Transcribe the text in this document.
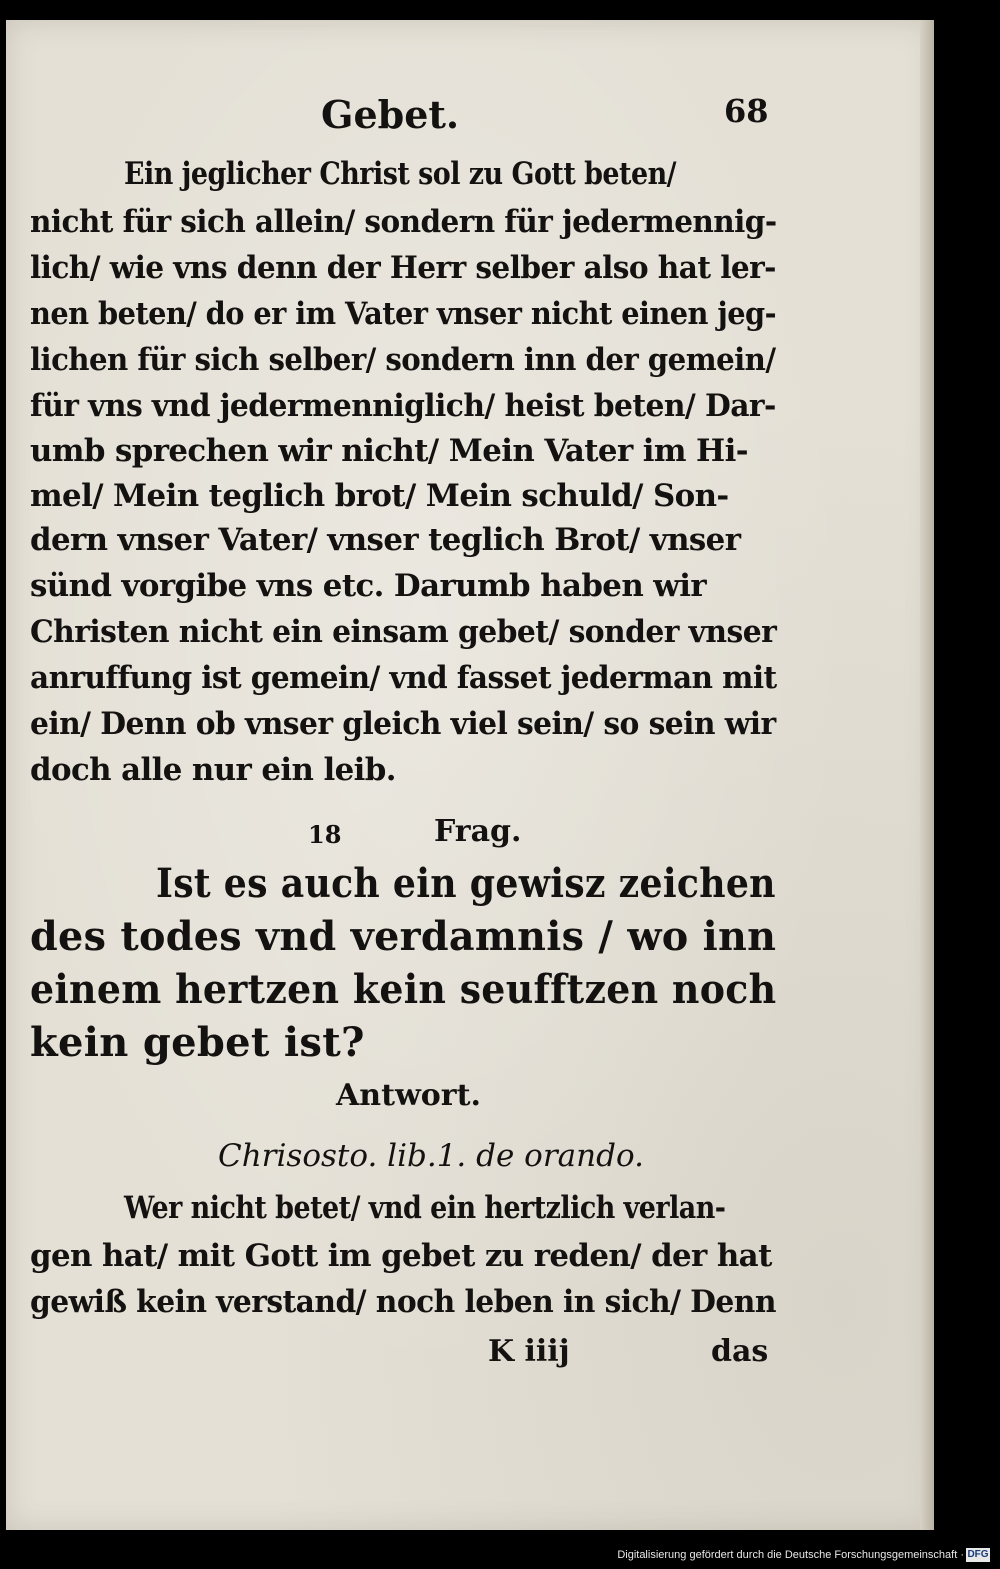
Gebet.	68

Ein jeglicher Christ sol zu Gott beten/

nicht für sich allein/ sondern für jedermennig-

lich/ wie vns denn der Herr selber also hat ler-

nen beten/ do er im Vater vnser nicht einen jeg-

lichen für sich selber/ sondern inn der gemein/

für vns vnd jedermenniglich/ heist beten/ Dar-

umb sprechen wir nicht/ Mein Vater im Hi-

mel/ Mein teglich brot/ Mein schuld/ Son-

dern vnser Vater/ vnser teglich Brot/ vnser

sünd vorgibe vns etc. Darumb haben wir

Christen nicht ein einsam gebet/ sonder vnser

anruffung ist gemein/ vnd fasset jederman mit

ein/ Denn ob vnser gleich viel sein/ so sein wir

doch alle nur ein leib.

18	Frag.

Ist es auch ein gewisz zeichen

des todes vnd verdamnis / wo inn

einem hertzen kein seufftzen noch

kein gebet ist?

Antwort.

Chrisosto. lib.1. de orando.

Wer nicht betet/ vnd ein hertzlich verlan-

gen hat/ mit Gott im gebet zu reden/ der hat

gewiß kein verstand/ noch leben in sich/ Denn

K iiij	das

Digitalisierung gefördert durch die Deutsche Forschungsgemeinschaft · DFG
